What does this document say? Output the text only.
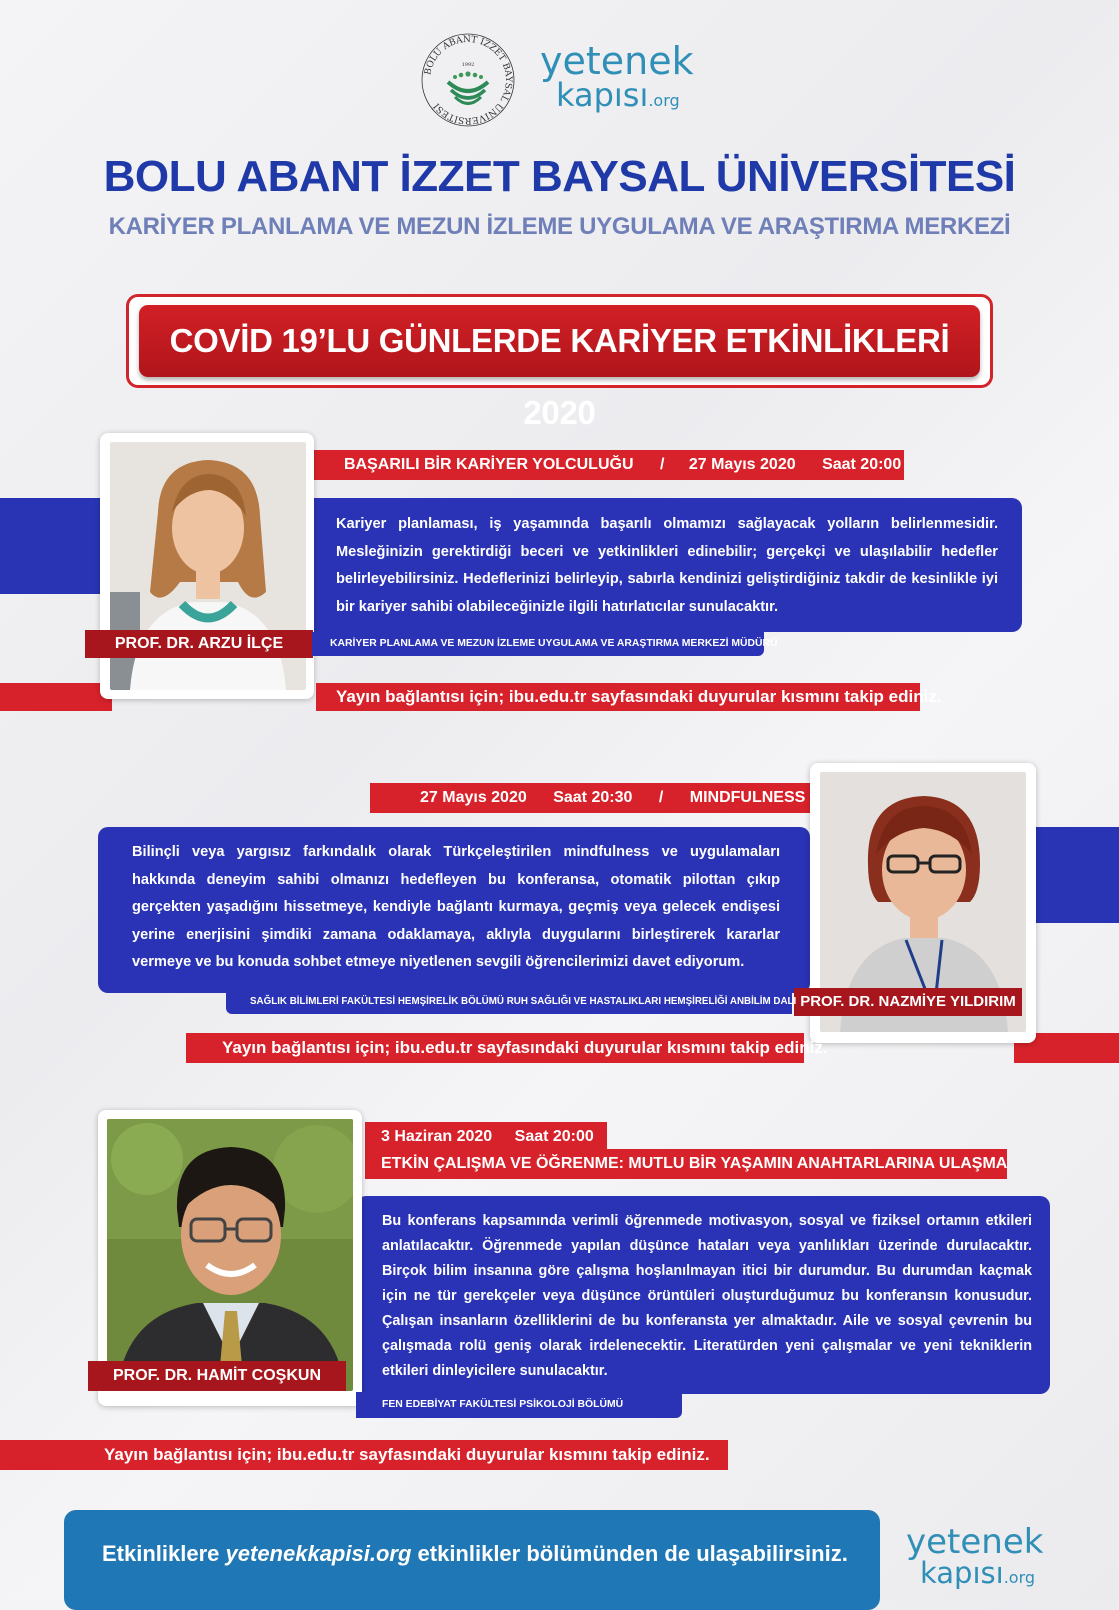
BOLU ABANT İZZET BAYSAL ÜNİVERSİTESİ
1992 yetenek
kapısı.org
BOLU ABANT İZZET BAYSAL ÜNİVERSİTESİ
KARİYER PLANLAMA VE MEZUN İZLEME UYGULAMA VE ARAŞTIRMA MERKEZİ
COVİD 19’LU GÜNLERDE KARİYER ETKİNLİKLERİ 2020
Kariyer planlaması, iş yaşamında başarılı olmamızı sağlayacak yolların belirlenmesidir. Mesleğinizin gerektirdiği beceri ve yetkinlikleri edinebilir; gerçekçi ve ulaşılabilir hedefler belirleyebilirsiniz. Hedeflerinizi belirleyip, sabırla kendinizi geliştirdiğiniz takdir de kesinlikle iyi bir kariyer sahibi olabileceğinizle ilgili hatırlatıcılar sunulacaktır.
BAŞARILI BİR KARİYER YOLCULUĞU / 27 Mayıs 2020 Saat 20:00
PROF. DR. ARZU İLÇE	KARİYER PLANLAMA VE MEZUN İZLEME UYGULAMA VE ARAŞTIRMA MERKEZİ MÜDÜRÜ
Yayın bağlantısı için; ibu.edu.tr sayfasındaki duyurular kısmını takip ediniz.
Bilinçli veya yargısız farkındalık olarak Türkçeleştirilen mindfulness ve uygulamaları hakkında deneyim sahibi olmanızı hedefleyen bu konferansa, otomatik pilottan çıkıp gerçekten yaşadığını hissetmeye, kendiyle bağlantı kurmaya, geçmiş veya gelecek endişesi yerine enerjisini şimdiki zamana odaklamaya, aklıyla duygularını birleştirerek kararlar vermeye ve bu konuda sohbet etmeye niyetlenen sevgili öğrencilerimizi davet ediyorum.
27 Mayıs 2020 Saat 20:30 / MINDFULNESS
PROF. DR. NAZMİYE YILDIRIM
SAĞLIK BİLİMLERİ FAKÜLTESİ HEMŞİRELİK BÖLÜMÜ RUH SAĞLIĞI VE HASTALIKLARI HEMŞİRELİĞİ ANBİLİM DALI
Yayın bağlantısı için; ibu.edu.tr sayfasındaki duyurular kısmını takip ediniz.
Bu konferans kapsamında verimli öğrenmede motivasyon, sosyal ve fiziksel ortamın etkileri anlatılacaktır. Öğrenmede yapılan düşünce hataları veya yanlılıkları üzerinde durulacaktır. Birçok bilim insanına göre çalışma hoşlanılmayan itici bir durumdur. Bu durumdan kaçmak için ne tür gerekçeler veya düşünce örüntüleri oluşturduğumuz bu konferansın konusudur. Çalışan insanların özelliklerini de bu konferansta yer almaktadır. Aile ve sosyal çevrenin bu çalışmada rolü geniş olarak irdelenecektir. Literatürden yeni çalışmalar ve yeni tekniklerin etkileri dinleyicilere sunulacaktır.
3 Haziran 2020 Saat 20:00
ETKİN ÇALIŞMA VE ÖĞRENME: MUTLU BİR YAŞAMIN ANAHTARLARINA ULAŞMA
PROF. DR. HAMİT COŞKUN
FEN EDEBİYAT FAKÜLTESİ PSİKOLOJİ BÖLÜMÜ
Yayın bağlantısı için; ibu.edu.tr sayfasındaki duyurular kısmını takip ediniz.
Etkinliklere yetenekkapisi.org etkinlikler bölümünden de ulaşabilirsiniz. yetenek
kapısı.org
